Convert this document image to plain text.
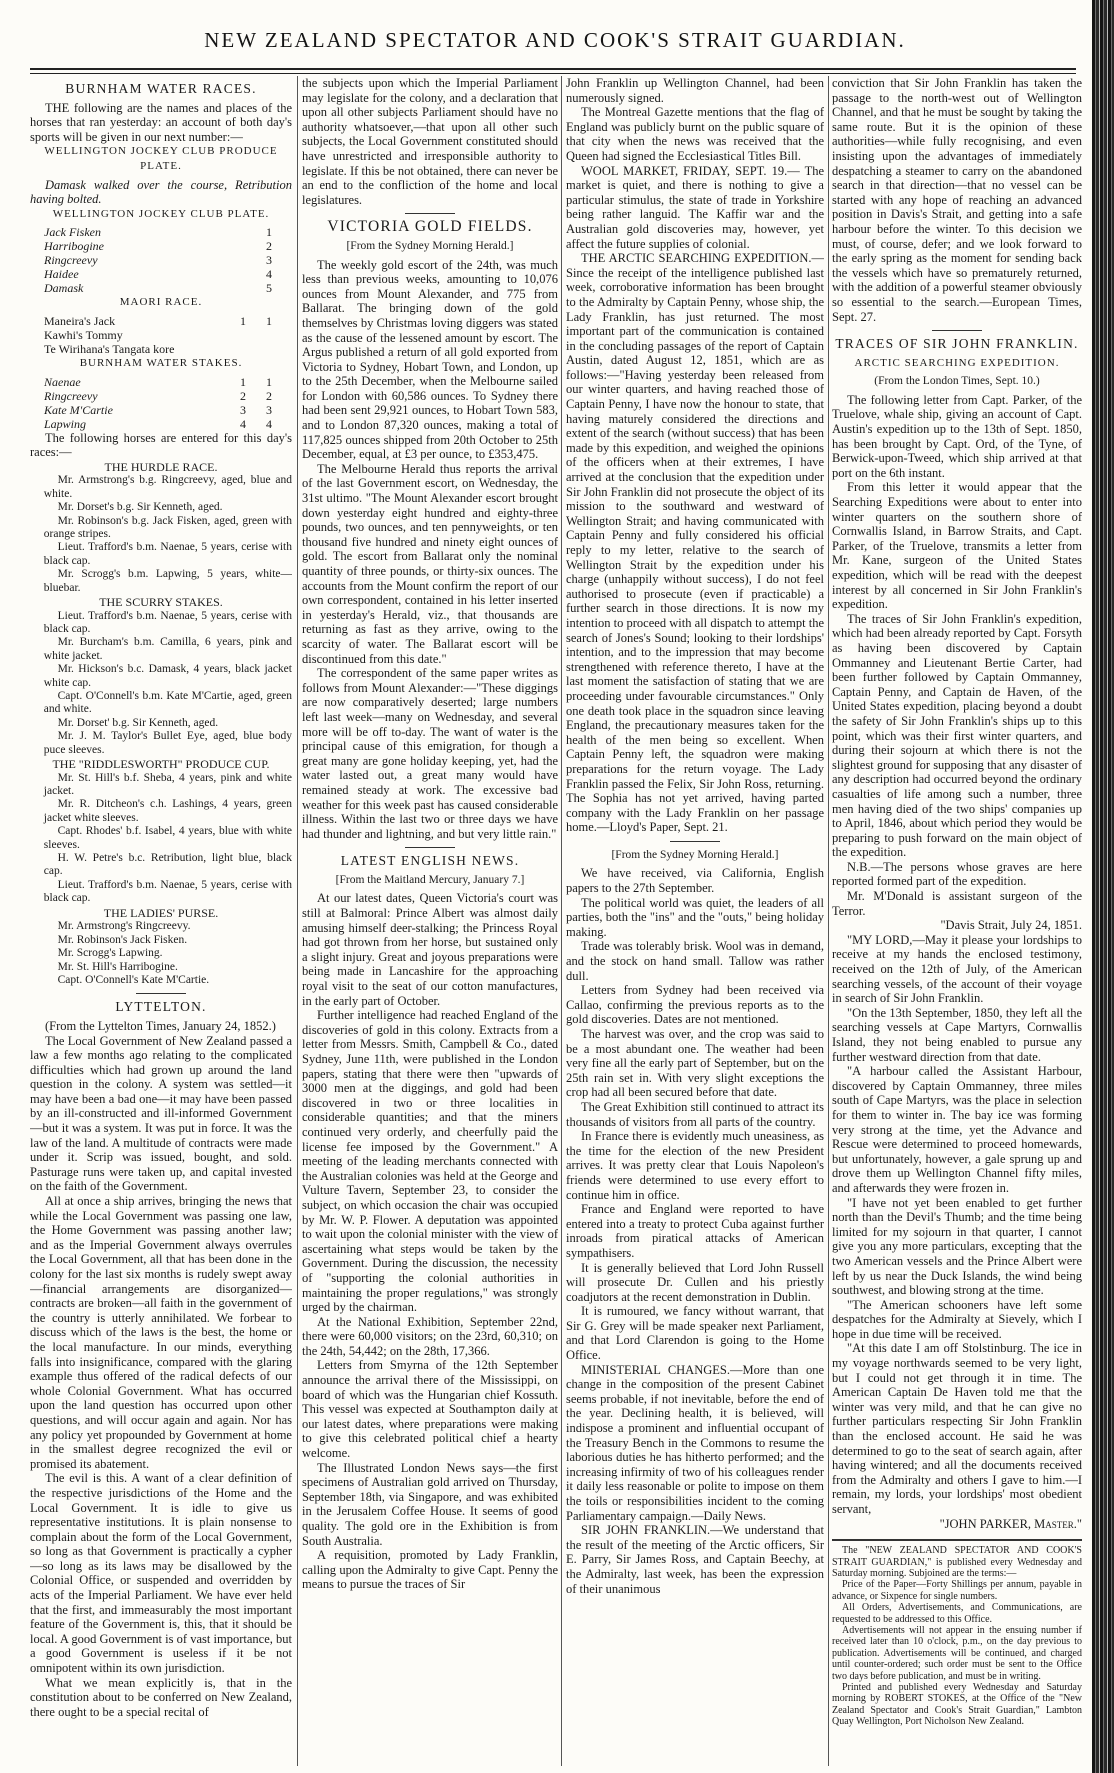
NEW ZEALAND SPECTATOR AND COOK'S STRAIT GUARDIAN.
BURNHAM WATER RACES.

THE following are the names and places of the horses that ran yesterday: an account of both day's sports will be given in our next number:—

WELLINGTON JOCKEY CLUB PRODUCE PLATE.

Damask walked over the course, Retribution having bolted.

WELLINGTON JOCKEY CLUB PLATE.
Jack Fisken	1
Harribogine	2
Ringcreevy	3
Haidee	4
Damask	5
MAORI RACE.
Maneira's Jack	1	1
Kawhi's Tommy		
Te Wirihana's Tangata kore		
BURNHAM WATER STAKES.
Naenae	1	1
Ringcreevy	2	2
Kate M'Cartie	3	3
Lapwing	4	4

The following horses are entered for this day's races:—

THE HURDLE RACE.

Mr. Armstrong's b.g. Ringcreevy, aged, blue and white.

Mr. Dorset's b.g. Sir Kenneth, aged.

Mr. Robinson's b.g. Jack Fisken, aged, green with orange stripes.

Lieut. Trafford's b.m. Naenae, 5 years, cerise with black cap.

Mr. Scrogg's b.m. Lapwing, 5 years, white—bluebar.

THE SCURRY STAKES.

Lieut. Trafford's b.m. Naenae, 5 years, cerise with black cap.

Mr. Burcham's b.m. Camilla, 6 years, pink and white jacket.

Mr. Hickson's b.c. Damask, 4 years, black jacket white cap.

Capt. O'Connell's b.m. Kate M'Cartie, aged, green and white.

Mr. Dorset' b.g. Sir Kenneth, aged.

Mr. J. M. Taylor's Bullet Eye, aged, blue body puce sleeves.

THE "RIDDLESWORTH" PRODUCE CUP.

Mr. St. Hill's b.f. Sheba, 4 years, pink and white jacket.

Mr. R. Ditcheon's c.h. Lashings, 4 years, green jacket white sleeves.

Capt. Rhodes' b.f. Isabel, 4 years, blue with white sleeves.

H. W. Petre's b.c. Retribution, light blue, black cap.

Lieut. Trafford's b.m. Naenae, 5 years, cerise with black cap.

THE LADIES' PURSE.

Mr. Armstrong's Ringcreevy.

Mr. Robinson's Jack Fisken.

Mr. Scrogg's Lapwing.

Mr. St. Hill's Harribogine.

Capt. O'Connell's Kate M'Cartie.

LYTTELTON.

(From the Lyttelton Times, January 24, 1852.)

The Local Government of New Zealand passed a law a few months ago relating to the complicated difficulties which had grown up around the land question in the colony. A system was settled—it may have been a bad one—it may have been passed by an ill-constructed and ill-informed Government—but it was a system. It was put in force. It was the law of the land. A multitude of contracts were made under it. Scrip was issued, bought, and sold. Pasturage runs were taken up, and capital invested on the faith of the Government.

All at once a ship arrives, bringing the news that while the Local Government was passing one law, the Home Government was passing another law; and as the Imperial Government always overrules the Local Government, all that has been done in the colony for the last six months is rudely swept away—financial arrangements are disorganized—contracts are broken—all faith in the government of the country is utterly annihilated. We forbear to discuss which of the laws is the best, the home or the local manufacture. In our minds, everything falls into insignificance, compared with the glaring example thus offered of the radical defects of our whole Colonial Government. What has occurred upon the land question has occurred upon other questions, and will occur again and again. Nor has any policy yet propounded by Government at home in the smallest degree recognized the evil or promised its abatement.

The evil is this. A want of a clear definition of the respective jurisdictions of the Home and the Local Government. It is idle to give us representative institutions. It is plain nonsense to complain about the form of the Local Government, so long as that Government is practically a cypher—so long as its laws may be disallowed by the Colonial Office, or suspended and overridden by acts of the Imperial Parliament. We have ever held that the first, and immeasurably the most important feature of the Government is, this, that it should be local. A good Government is of vast importance, but a good Government is useless if it be not omnipotent within its own jurisdiction.

What we mean explicitly is, that in the constitution about to be conferred on New Zealand, there ought to be a special recital of

the subjects upon which the Imperial Parliament may legislate for the colony, and a declaration that upon all other subjects Parliament should have no authority whatsoever,—that upon all other such subjects, the Local Government constituted should have unrestricted and irresponsible authority to legislate. If this be not obtained, there can never be an end to the confliction of the home and local legislatures.

VICTORIA GOLD FIELDS.
[From the Sydney Morning Herald.]

The weekly gold escort of the 24th, was much less than previous weeks, amounting to 10,076 ounces from Mount Alexander, and 775 from Ballarat. The bringing down of the gold themselves by Christmas loving diggers was stated as the cause of the lessened amount by escort. The Argus published a return of all gold exported from Victoria to Sydney, Hobart Town, and London, up to the 25th December, when the Melbourne sailed for London with 60,586 ounces. To Sydney there had been sent 29,921 ounces, to Hobart Town 583, and to London 87,320 ounces, making a total of 117,825 ounces shipped from 20th October to 25th December, equal, at £3 per ounce, to £353,475.

The Melbourne Herald thus reports the arrival of the last Government escort, on Wednesday, the 31st ultimo. "The Mount Alexander escort brought down yesterday eight hundred and eighty-three pounds, two ounces, and ten pennyweights, or ten thousand five hundred and ninety eight ounces of gold. The escort from Ballarat only the nominal quantity of three pounds, or thirty-six ounces. The accounts from the Mount confirm the report of our own correspondent, contained in his letter inserted in yesterday's Herald, viz., that thousands are returning as fast as they arrive, owing to the scarcity of water. The Ballarat escort will be discontinued from this date."

The correspondent of the same paper writes as follows from Mount Alexander:—"These diggings are now comparatively deserted; large numbers left last week—many on Wednesday, and several more will be off to-day. The want of water is the principal cause of this emigration, for though a great many are gone holiday keeping, yet, had the water lasted out, a great many would have remained steady at work. The excessive bad weather for this week past has caused considerable illness. Within the last two or three days we have had thunder and lightning, and but very little rain."

LATEST ENGLISH NEWS.
[From the Maitland Mercury, January 7.]

At our latest dates, Queen Victoria's court was still at Balmoral: Prince Albert was almost daily amusing himself deer-stalking; the Princess Royal had got thrown from her horse, but sustained only a slight injury. Great and joyous preparations were being made in Lancashire for the approaching royal visit to the seat of our cotton manufactures, in the early part of October.

Further intelligence had reached England of the discoveries of gold in this colony. Extracts from a letter from Messrs. Smith, Campbell & Co., dated Sydney, June 11th, were published in the London papers, stating that there were then "upwards of 3000 men at the diggings, and gold had been discovered in two or three localities in considerable quantities; and that the miners continued very orderly, and cheerfully paid the license fee imposed by the Government." A meeting of the leading merchants connected with the Australian colonies was held at the George and Vulture Tavern, September 23, to consider the subject, on which occasion the chair was occupied by Mr. W. P. Flower. A deputation was appointed to wait upon the colonial minister with the view of ascertaining what steps would be taken by the Government. During the discussion, the necessity of "supporting the colonial authorities in maintaining the proper regulations," was strongly urged by the chairman.

At the National Exhibition, September 22nd, there were 60,000 visitors; on the 23rd, 60,310; on the 24th, 54,442; on the 28th, 17,366.

Letters from Smyrna of the 12th September announce the arrival there of the Mississippi, on board of which was the Hungarian chief Kossuth. This vessel was expected at Southampton daily at our latest dates, where preparations were making to give this celebrated political chief a hearty welcome.

The Illustrated London News says—the first specimens of Australian gold arrived on Thursday, September 18th, via Singapore, and was exhibited in the Jerusalem Coffee House. It seems of good quality. The gold ore in the Exhibition is from South Australia.

A requisition, promoted by Lady Franklin, calling upon the Admiralty to give Capt. Penny the means to pursue the traces of Sir

John Franklin up Wellington Channel, had been numerously signed.

The Montreal Gazette mentions that the flag of England was publicly burnt on the public square of that city when the news was received that the Queen had signed the Ecclesiastical Titles Bill.

WOOL MARKET, FRIDAY, SEPT. 19.— The market is quiet, and there is nothing to give a particular stimulus, the state of trade in Yorkshire being rather languid. The Kaffir war and the Australian gold discoveries may, however, yet affect the future supplies of colonial.

THE ARCTIC SEARCHING EXPEDITION.— Since the receipt of the intelligence published last week, corroborative information has been brought to the Admiralty by Captain Penny, whose ship, the Lady Franklin, has just returned. The most important part of the communication is contained in the concluding passages of the report of Captain Austin, dated August 12, 1851, which are as follows:—"Having yesterday been released from our winter quarters, and having reached those of Captain Penny, I have now the honour to state, that having maturely considered the directions and extent of the search (without success) that has been made by this expedition, and weighed the opinions of the officers when at their extremes, I have arrived at the conclusion that the expedition under Sir John Franklin did not prosecute the object of its mission to the southward and westward of Wellington Strait; and having communicated with Captain Penny and fully considered his official reply to my letter, relative to the search of Wellington Strait by the expedition under his charge (unhappily without success), I do not feel authorised to prosecute (even if practicable) a further search in those directions. It is now my intention to proceed with all dispatch to attempt the search of Jones's Sound; looking to their lordships' intention, and to the impression that may become strengthened with reference thereto, I have at the last moment the satisfaction of stating that we are proceeding under favourable circumstances." Only one death took place in the squadron since leaving England, the precautionary measures taken for the health of the men being so excellent. When Captain Penny left, the squadron were making preparations for the return voyage. The Lady Franklin passed the Felix, Sir John Ross, returning. The Sophia has not yet arrived, having parted company with the Lady Franklin on her passage home.—Lloyd's Paper, Sept. 21.

[From the Sydney Morning Herald.]

We have received, via California, English papers to the 27th September.

The political world was quiet, the leaders of all parties, both the "ins" and the "outs," being holiday making.

Trade was tolerably brisk. Wool was in demand, and the stock on hand small. Tallow was rather dull.

Letters from Sydney had been received via Callao, confirming the previous reports as to the gold discoveries. Dates are not mentioned.

The harvest was over, and the crop was said to be a most abundant one. The weather had been very fine all the early part of September, but on the 25th rain set in. With very slight exceptions the crop had all been secured before that date.

The Great Exhibition still continued to attract its thousands of visitors from all parts of the country.

In France there is evidently much uneasiness, as the time for the election of the new President arrives. It was pretty clear that Louis Napoleon's friends were determined to use every effort to continue him in office.

France and England were reported to have entered into a treaty to protect Cuba against further inroads from piratical attacks of American sympathisers.

It is generally believed that Lord John Russell will prosecute Dr. Cullen and his priestly coadjutors at the recent demonstration in Dublin.

It is rumoured, we fancy without warrant, that Sir G. Grey will be made speaker next Parliament, and that Lord Clarendon is going to the Home Office.

MINISTERIAL CHANGES.—More than one change in the composition of the present Cabinet seems probable, if not inevitable, before the end of the year. Declining health, it is believed, will indispose a prominent and influential occupant of the Treasury Bench in the Commons to resume the laborious duties he has hitherto performed; and the increasing infirmity of two of his colleagues render it daily less reasonable or polite to impose on them the toils or responsibilities incident to the coming Parliamentary campaign.—Daily News.

SIR JOHN FRANKLIN.—We understand that the result of the meeting of the Arctic officers, Sir E. Parry, Sir James Ross, and Captain Beechy, at the Admiralty, last week, has been the expression of their unanimous

conviction that Sir John Franklin has taken the passage to the north-west out of Wellington Channel, and that he must be sought by taking the same route. But it is the opinion of these authorities—while fully recognising, and even insisting upon the advantages of immediately despatching a steamer to carry on the abandoned search in that direction—that no vessel can be started with any hope of reaching an advanced position in Davis's Strait, and getting into a safe harbour before the winter. To this decision we must, of course, defer; and we look forward to the early spring as the moment for sending back the vessels which have so prematurely returned, with the addition of a powerful steamer obviously so essential to the search.—European Times, Sept. 27.

TRACES OF SIR JOHN FRANKLIN.
ARCTIC SEARCHING EXPEDITION.
(From the London Times, Sept. 10.)

The following letter from Capt. Parker, of the Truelove, whale ship, giving an account of Capt. Austin's expedition up to the 13th of Sept. 1850, has been brought by Capt. Ord, of the Tyne, of Berwick-upon-Tweed, which ship arrived at that port on the 6th instant.

From this letter it would appear that the Searching Expeditions were about to enter into winter quarters on the southern shore of Cornwallis Island, in Barrow Straits, and Capt. Parker, of the Truelove, transmits a letter from Mr. Kane, surgeon of the United States expedition, which will be read with the deepest interest by all concerned in Sir John Franklin's expedition.

The traces of Sir John Franklin's expedition, which had been already reported by Capt. Forsyth as having been discovered by Captain Ommanney and Lieutenant Bertie Carter, had been further followed by Captain Ommanney, Captain Penny, and Captain de Haven, of the United States expedition, placing beyond a doubt the safety of Sir John Franklin's ships up to this point, which was their first winter quarters, and during their sojourn at which there is not the slightest ground for supposing that any disaster of any description had occurred beyond the ordinary casualties of life among such a number, three men having died of the two ships' companies up to April, 1846, about which period they would be preparing to push forward on the main object of the expedition.

N.B.—The persons whose graves are here reported formed part of the expedition.

Mr. M'Donald is assistant surgeon of the Terror.

"Davis Strait, July 24, 1851.

"MY LORD,—May it please your lordships to receive at my hands the enclosed testimony, received on the 12th of July, of the American searching vessels, of the account of their voyage in search of Sir John Franklin.

"On the 13th September, 1850, they left all the searching vessels at Cape Martyrs, Cornwallis Island, they not being enabled to pursue any further westward direction from that date.

"A harbour called the Assistant Harbour, discovered by Captain Ommanney, three miles south of Cape Martyrs, was the place in selection for them to winter in. The bay ice was forming very strong at the time, yet the Advance and Rescue were determined to proceed homewards, but unfortunately, however, a gale sprung up and drove them up Wellington Channel fifty miles, and afterwards they were frozen in.

"I have not yet been enabled to get further north than the Devil's Thumb; and the time being limited for my sojourn in that quarter, I cannot give you any more particulars, excepting that the two American vessels and the Prince Albert were left by us near the Duck Islands, the wind being southwest, and blowing strong at the time.

"The American schooners have left some despatches for the Admiralty at Sievely, which I hope in due time will be received.

"At this date I am off Stolstinburg. The ice in my voyage northwards seemed to be very light, but I could not get through it in time. The American Captain De Haven told me that the winter was very mild, and that he can give no further particulars respecting Sir John Franklin than the enclosed account. He said he was determined to go to the seat of search again, after having wintered; and all the documents received from the Admiralty and others I gave to him.—I remain, my lords, your lordships' most obedient servant,

"JOHN PARKER, Master."

The "NEW ZEALAND SPECTATOR AND COOK'S STRAIT GUARDIAN," is published every Wednesday and Saturday morning. Subjoined are the terms:—

Price of the Paper—Forty Shillings per annum, payable in advance, or Sixpence for single numbers.

All Orders, Advertisements, and Communications, are requested to be addressed to this Office.

Advertisements will not appear in the ensuing number if received later than 10 o'clock, p.m., on the day previous to publication. Advertisements will be continued, and charged until counter-ordered; such order must be sent to the Office two days before publication, and must be in writing.

Printed and published every Wednesday and Saturday morning by ROBERT STOKES, at the Office of the "New Zealand Spectator and Cook's Strait Guardian," Lambton Quay Wellington, Port Nicholson New Zealand.
